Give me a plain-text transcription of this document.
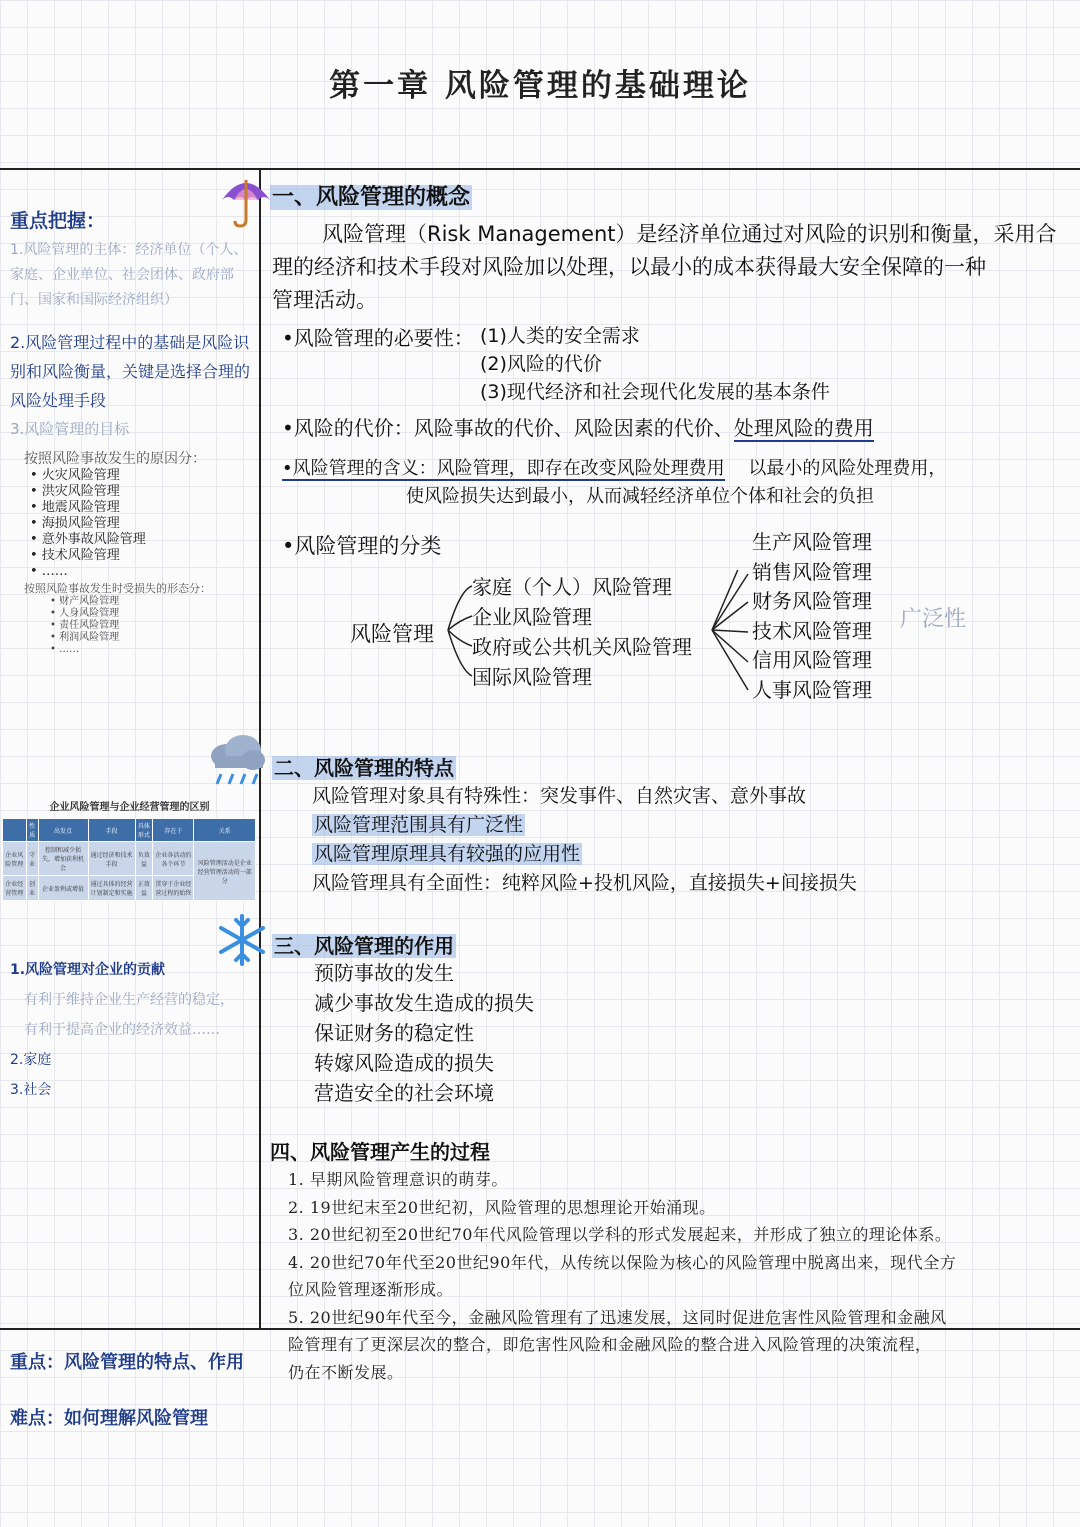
第一章 风险管理的基础理论
重点把握：
1.风险管理的主体：经济单位（个人、家庭、企业单位、社会团体、政府部门、国家和国际经济组织）
2.风险管理过程中的基础是风险识别和风险衡量，关键是选择合理的风险处理手段
3.风险管理的目标
按照风险事故发生的原因分：
• 火灾风险管理
• 洪灾风险管理
• 地震风险管理
• 海损风险管理
• 意外事故风险管理
• 技术风险管理
• ……
按照风险事故发生时受损失的形态分：
• 财产风险管理
• 人身风险管理
• 责任风险管理
• 利润风险管理
• ……
企业风险管理与企业经营管理的区别
	性质	出发点	手段	具体形式	存在于	关系
企业风险管理	守业	控制和减少损失，增加获利机会	通过经济和技术手段	负效益	企业各活动的各个环节	风险管理活动是企业经营管理活动的一部分
企业经营管理	创业	企业盈利或增值	通过具体的经营计划制定和实施	正效益	贯穿于企业经营过程的始终	
1.风险管理对企业的贡献
有利于维持企业生产经营的稳定，
有利于提高企业的经济效益……
2.家庭
3.社会
重点：风险管理的特点、作用
难点：如何理解风险管理
一、风险管理的概念
风险管理（Risk Management）是经济单位通过对风险的识别和衡量，采用合
理的经济和技术手段对风险加以处理，以最小的成本获得最大安全保障的一种
管理活动。
•风险管理的必要性： (1)人类的安全需求
(2)风险的代价
(3)现代经济和社会现代化发展的基本条件
•风险的代价：风险事故的代价、风险因素的代价、处理风险的费用
•风险管理的含义：风险管理，即存在改变风险处理费用 以最小的风险处理费用，
使风险损失达到最小，从而减轻经济单位个体和社会的负担
•风险管理的分类
风险管理
家庭（个人）风险管理
企业风险管理
政府或公共机关风险管理
国际风险管理
生产风险管理
销售风险管理
财务风险管理
技术风险管理
信用风险管理
人事风险管理
广泛性
二、风险管理的特点
风险管理对象具有特殊性：突发事件、自然灾害、意外事故
风险管理范围具有广泛性
风险管理原理具有较强的应用性
风险管理具有全面性：纯粹风险+投机风险，直接损失+间接损失
三、风险管理的作用
预防事故的发生
减少事故发生造成的损失
保证财务的稳定性
转嫁风险造成的损失
营造安全的社会环境
四、风险管理产生的过程
1. 早期风险管理意识的萌芽。
2. 19世纪末至20世纪初，风险管理的思想理论开始涌现。
3. 20世纪初至20世纪70年代风险管理以学科的形式发展起来，并形成了独立的理论体系。
4. 20世纪70年代至20世纪90年代，从传统以保险为核心的风险管理中脱离出来，现代全方
位风险管理逐渐形成。
5. 20世纪90年代至今，金融风险管理有了迅速发展，这同时促进危害性风险管理和金融风
险管理有了更深层次的整合，即危害性风险和金融风险的整合进入风险管理的决策流程，
仍在不断发展。
